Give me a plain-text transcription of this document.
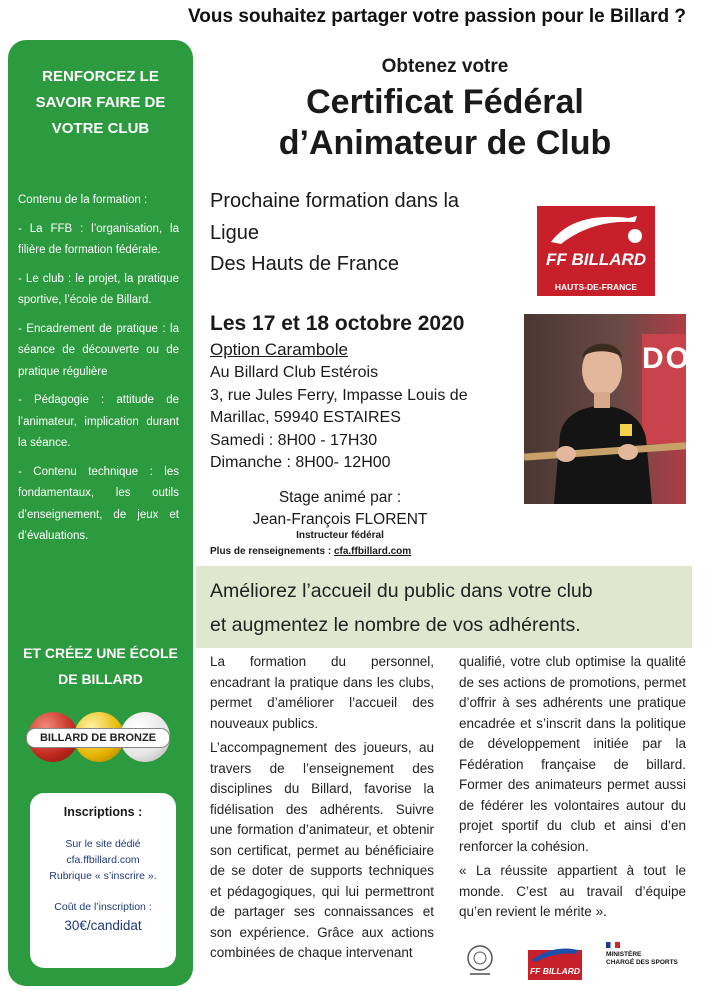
Vous souhaitez partager votre passion pour le Billard ?
RENFORCEZ LE
SAVOIR FAIRE DE
VOTRE CLUB

Contenu de la formation :

- La FFB : l’organisation, la filière de formation fédérale.

- Le club : le projet, la pratique sportive, l’école de Billard.

- Encadrement de pratique : la séance de découverte ou de pratique régulière

- Pédagogie : attitude de l’animateur, implication durant la séance.

- Contenu technique : les fondamentaux, les outils d’enseignement, de jeux et d’évaluations.

ET CRÉEZ UNE ÉCOLE
DE BILLARD
BILLARD DE BRONZE
Inscriptions :
Sur le site dédié
cfa.ffbillard.com
Rubrique « s’inscrire ».
Coût de l’inscription :
30€/candidat
Obtenez votre
Certificat Fédéral
d’Animateur de Club
Prochaine formation dans la
Ligue
Des Hauts de France	FF BILLARD
HAUTS-DE-FRANCE
Les 17 et 18 octobre 2020
Option Carambole
Au Billard Club Estérois
3, rue Jules Ferry, Impasse Louis de
Marillac, 59940 ESTAIRES
Samedi : 8H00 - 17H30
Dimanche : 8H00- 12H00
DOU
Stage animé par :
Jean-François FLORENT
Instructeur fédéral
Plus de renseignements : cfa.ffbillard.com
Améliorez l’accueil du public dans votre club
et augmentez le nombre de vos adhérents.

La formation du personnel, encadrant la pratique dans les clubs, permet d’améliorer l’accueil des nouveaux publics.

L’accompagnement des joueurs, au travers de l’enseignement des disciplines du Billard, favorise la fidélisation des adhérents. Suivre une formation d’animateur, et obtenir son certificat, permet au bénéficiaire de se doter de supports techniques et pédagogiques, qui lui permettront de partager ses connaissances et son expérience. Grâce aux actions combinées de chaque intervenant

qualifié, votre club optimise la qualité de ses actions de promotions, permet d’offrir à ses adhérents une pratique encadrée et s’inscrit dans la politique de développement initiée par la Fédération française de billard. Former des animateurs permet aussi de fédérer les volontaires autour du projet sportif du club et ainsi d’en renforcer la cohésion.

« La réussite appartient à tout le monde. C’est au travail d’équipe qu’en revient le mérite ».

FF BILLARD
MINISTÈRE
CHARGÉ DES SPORTS
